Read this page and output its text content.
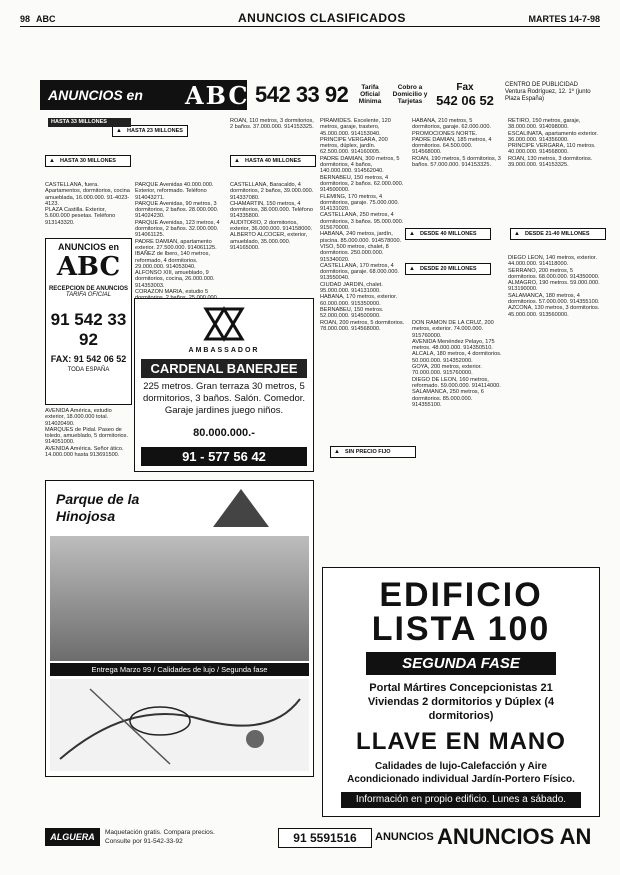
98 ABC	ANUNCIOS CLASIFICADOS	MARTES 14-7-98
ANUNCIOS en ABC 542 33 92	Tarifa Oficial Mínima
Cobro a Domicilio y Tarjetas
Fax
542 06 52
CENTRO DE PUBLICIDAD Ventura Rodríguez, 12. 1º (junto Plaza España)
▲ HASTA 23 MILLONES
▲ HASTA 30 MILLONES
▲	HASTA 40 MILLONES
HASTA 33 MILLONES
▲ DESDE 40 MILLONES
▲ DESDE 20 MILLONES
▲ SIN PRECIO FIJO
▲ DESDE 21-40 MILLONES
CASTELLANA, fuera. Apartamentos, dormitorios, cocina amueblada, 16.000.000. 91-4023-4123.
PLAZA Castilla. Exterior, 5.600.000 pesetas. Teléfono 913143320.
AVENIDA América, estudio exterior, 18.000.000 total. 914020490.
MARQUES de Pidal. Paseo de toledo, amueblado, 5 dormitorios. 914051000.
AVENIDA América. Señor ático. 14.000.000 hasta 913691500.
ANUNCIOS en
ABC
RECEPCION DE ANUNCIOS
TARIFA OFICIAL
91 542 33 92
FAX: 91 542 06 52
TODA ESPAÑA
PARQUE Avenidas 40.000.000. Exterior, reformado. Teléfono 914043271.
PARQUE Avenidas, 90 metros, 3 dormitorios, 2 baños. 28.000.000. 914024230.
PARQUE Avenidas, 123 metros, 4 dormitorios, 2 baños. 32.000.000. 914061125.
PADRE DAMIAN, apartamento exterior. 27.500.000. 914061125.
IBAÑEZ de Ibero, 140 metros, reformado, 4 dormitorios. 29.000.000. 914053040.
ALFONSO XIII, amueblado, 9 dormitorios, cocina, 26.000.000. 914353003.
CORAZON MARIA, estudio 5
ROAN, 110 metros, 3 dormitorios, 2 baños. 37.000.000. 914153325.
CASTELLANA, Baracaldo, 4 dormitorios, 2 baños, 39.000.000. 914337080.
CHAMARTIN, 150 metros, 4 dormitorios, 38.000.000. Teléfono 914335800.
AUDITORIO, 2 dormitorios, exterior, 36.000.000. 914158000.
ALBERTO ALCOCER, exterior, amueblado, 35.000.000. 914165000.
AMBASSADOR
CARDENAL BANERJEE
225 metros. Gran terraza 30 metros, 5 dormitorios, 3 baños. Salón. Comedor. Garaje jardines juego niños.
80.000.000.-
91 - 577 56 42
PIRAMIDES. Excelente, 120 metros, garaje, trastero, 45.000.000. 914153040.
PRINCIPE VERGARA, 200 metros, dúplex, jardín. 62.500.000. 914160005.
PADRE DAMIAN, 300 metros, 5 dormitorios, 4 baños, 140.000.000. 914562040.
BERNABEU, 150 metros, 4 dormitorios, 2 baños. 62.000.000. 914500000.
FLEMING, 170 metros, 4 dormitorios, garaje. 75.000.000. 914131020.
CASTELLANA, 250 metros, 4 dormitorios, 3 baños. 95.000.000. 915670000.
HABANA, 240 metros, jardín, piscina. 85.000.000. 914578000.
VISO, 500 metros, chalet, 8 dormitorios. 250.000.000. 915340020.
CASTELLANA, 170 metros, 4 dormitorios, garaje. 68.000.000. 913550040.
CIUDAD JARDIN, chalet. 95.000.000. 914131000.
HABANA, 170 metros, exterior. 60.000.000. 915350000.
BERNABEU, 150 metros. 52.000.000. 914500900.
ROAN, 200 metros, 5 dormitorios. 78.000.000. 914568000.
HABANA, 210 metros, 5 dormitorios, garaje. 62.000.000. PROMOCIONES NORTE.
PADRE DAMIAN, 185 metros, 4 dormitorios. 64.500.000. 914568000.
ROAN, 190 metros, 5 dormitorios, 3 baños. 57.000.000. 914153325.
DON RAMON DE LA CRUZ, 200 metros, exterior. 74.000.000. 915760000.
AVENIDA Menéndez Pelayo, 175 metros. 48.000.000. 914350510.
ALCALA, 180 metros, 4 dormitorios. 50.000.000. 914352000.
GOYA, 200 metros, exterior. 70.000.000. 915760000.
DIEGO DE LEON, 160 metros, reformado. 59.000.000. 914114000.
SALAMANCA, 250 metros, 6 dormitorios. 85.000.000. 914355100.
RETIRO, 150 metros, garaje, 38.000.000. 914098000.
ESCALINATA, apartamento exterior. 36.000.000. 914356000.
PRINCIPE VERGARA, 110 metros. 40.000.000. 914568000.
ROAN, 130 metros, 3 dormitorios. 39.000.000. 914153325.
DIEGO LEON, 140 metros, exterior. 44.000.000. 914118000.
SERRANO, 200 metros, 5 dormitorios. 68.000.000. 914350000.
ALMAGRO, 190 metros. 59.000.000. 913190000.
SALAMANCA, 180 metros, 4 dormitorios. 57.000.000. 914355100.
AZCONA, 130 metros, 3 dormitorios. 45.000.000. 913560000.
Parque de la
Hinojosa
Entrega Marzo 99 / Calidades de lujo / Segunda fase
EDIFICIO
LISTA 100
SEGUNDA FASE
Portal Mártires Concepcionistas 21
Viviendas 2 dormitorios y Dúplex (4 dormitorios)
LLAVE EN MANO
Calidades de lujo-Calefacción y Aire Acondicionado individual Jardín-Portero Físico.
Información en propio edificio. Lunes a sábado.
ALGUERA	Maquetación gratis. Compara precios.
Consulte por 91-542-33-92	91 5591516	ANUNCIOS ANUNCIOS AN
